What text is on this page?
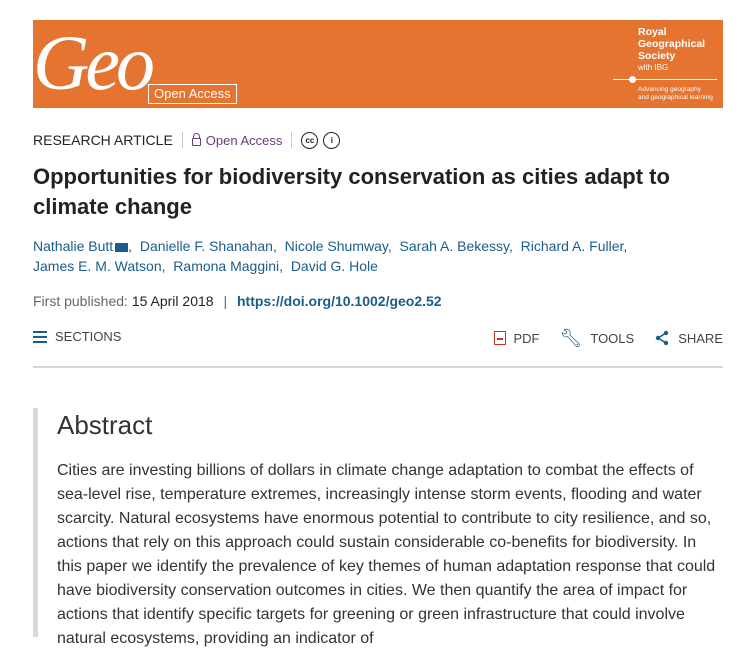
Geo Open Access
Royal
Geographical
Society
with IBG
Advancing geography
and geographical learning
RESEARCH ARTICLE	Open Access	cc	i
Opportunities for biodiversity conservation as cities adapt to climate change
Nathalie Butt , Danielle F. Shanahan, Nicole Shumway, Sarah A. Bekessy, Richard A. Fuller,
James E. M. Watson, Ramona Maggini, David G. Hole
First published: 15 April 2018 | https://doi.org/10.1002/geo2.52
SECTIONS	PDF 🔧︎ TOOLS	SHARE
Abstract

Cities are investing billions of dollars in climate change adaptation to combat the effects of sea-level rise, temperature extremes, increasingly intense storm events, flooding and water scarcity. Natural ecosystems have enormous potential to contribute to city resilience, and so, actions that rely on this approach could sustain considerable co-benefits for biodiversity. In this paper we identify the prevalence of key themes of human adaptation response that could have biodiversity conservation outcomes in cities. We then quantify the area of impact for actions that identify specific targets for greening or green infrastructure that could involve natural ecosystems, providing an indicator of
